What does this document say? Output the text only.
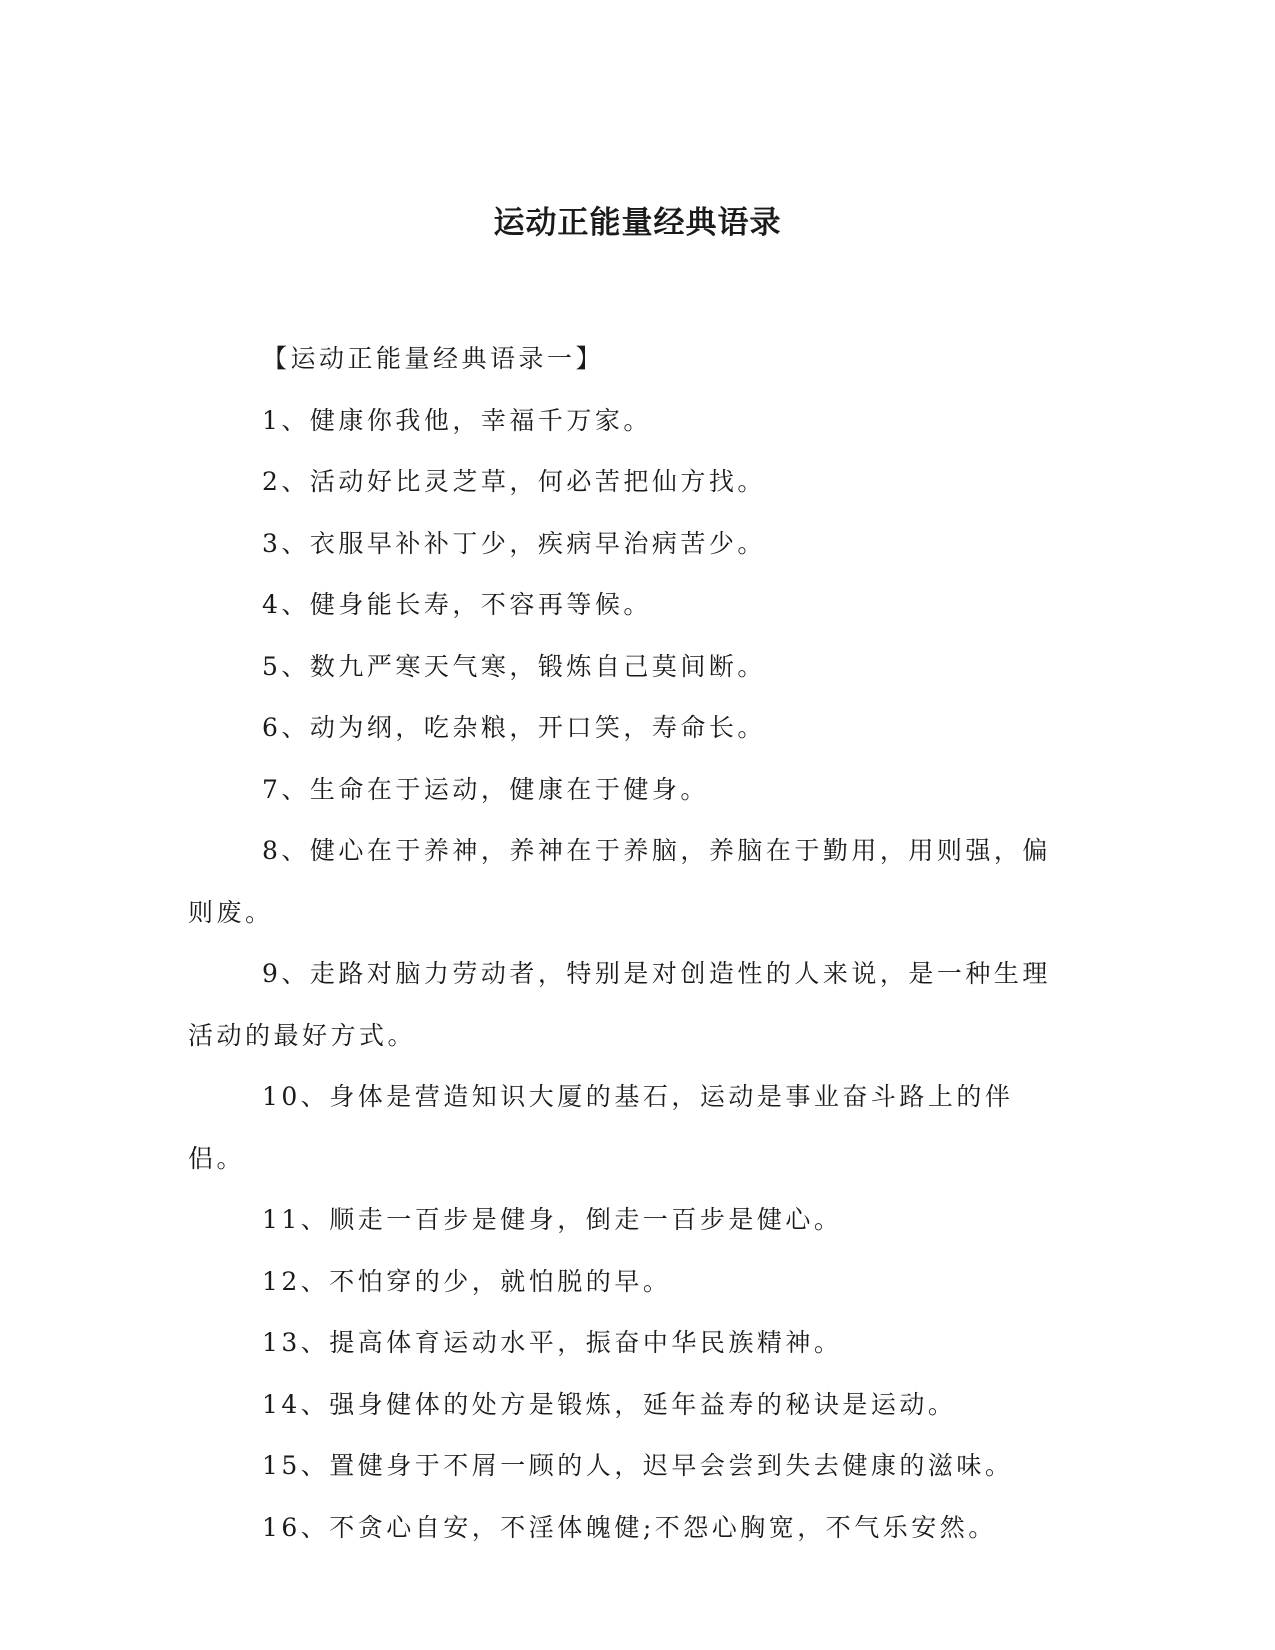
运动正能量经典语录

【运动正能量经典语录一】

1、健康你我他，幸福千万家。

2、活动好比灵芝草，何必苦把仙方找。

3、衣服早补补丁少，疾病早治病苦少。

4、健身能长寿，不容再等候。

5、数九严寒天气寒，锻炼自己莫间断。

6、动为纲，吃杂粮，开口笑，寿命长。

7、生命在于运动，健康在于健身。

8、健心在于养神，养神在于养脑，养脑在于勤用，用则强，偏则废。

9、走路对脑力劳动者，特别是对创造性的人来说，是一种生理活动的最好方式。

10、身体是营造知识大厦的基石，运动是事业奋斗路上的伴侣。

11、顺走一百步是健身，倒走一百步是健心。

12、不怕穿的少，就怕脱的早。

13、提高体育运动水平，振奋中华民族精神。

14、强身健体的处方是锻炼，延年益寿的秘诀是运动。

15、置健身于不屑一顾的人，迟早会尝到失去健康的滋味。

16、不贪心自安，不淫体魄健;不怨心胸宽，不气乐安然。
